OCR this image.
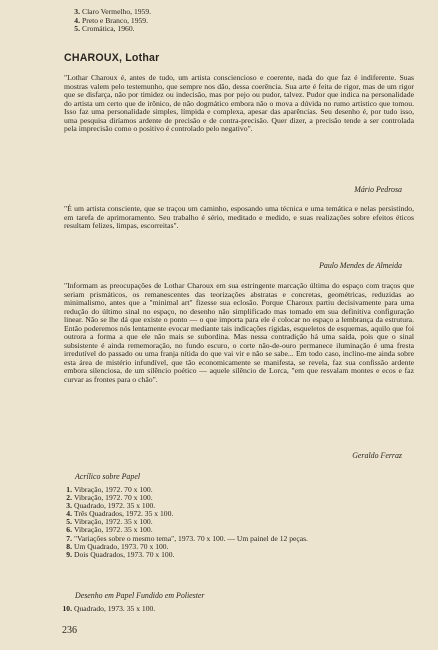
3. Claro Vermelho, 1959.
4. Preto e Branco, 1959.
5. Cromática, 1960.
CHAROUX, Lothar

"Lothar Charoux é, antes de tudo, um artista consciencioso e coerente, nada do que faz é indiferente. Suas mostras valem pelo testemunho, que sempre nos dão, dessa coerência. Sua arte é feita de rigor, mas de um rigor que se disfarça, não por timidez ou indecisão, mas por pejo ou pudor, talvez. Pudor que indica na personalidade do artista um certo que de irônico, de não dogmático embora não o mova a dúvida no rumo artístico que tomou. Isso faz uma personalidade simples, límpida e complexa, apesar das aparências. Seu desenho é, por tudo isso, uma pesquisa diríamos ardente de precisão e de contra-precisão. Quer dizer, a precisão tende a ser controlada pela imprecisão como o positivo é controlado pelo negativo".

Mário Pedrosa

"É um artista consciente, que se traçou um caminho, esposando uma técnica e uma temática e nelas persistindo, em tarefa de aprimoramento. Seu trabalho é sério, meditado e medido, e suas realizações sobre efeitos éticos resultam felizes, limpas, escorreitas".

Paulo Mendes de Almeida

"Informam as preocupações de Lothar Charoux em sua estringente marcação última do espaço com traços que seriam prismáticos, os remanescentes das teorizações abstratas e concretas, geométricas, reduzidas ao minimalismo, antes que a "minimal art" fizesse sua eclosão. Porque Charoux partiu decisivamente para uma redução do último sinal no espaço, no desenho não simplificado mas tomado em sua definitiva configuração linear. Não se lhe dá que existe o ponto — o que importa para ele é colocar no espaço a lembrança da estrutura. Então poderemos nós lentamente evocar mediante tais indicações rígidas, esqueletos de esquemas, aquilo que foi outrora a forma a que ele não mais se subordina. Mas nessa contradição há uma saída, pois que o sinal subsistente é ainda rememoração, no fundo escuro, o corte não-de-ouro permanece iluminação é uma fresta irredutível do passado ou uma franja nítida do que vai vir e não se sabe... Em todo caso, inclino-me ainda sobre esta área de mistério infundível, que tão economicamente se manifesta, se revela, faz sua confissão ardente embora silenciosa, de um silêncio poético — aquele silêncio de Lorca, "em que resvalam montes e ecos e faz curvar as frontes para o chão".

Geraldo Ferraz
Acrílico sobre Papel
1. Vibração, 1972. 70 x 100.
2. Vibração, 1972. 70 x 100.
3. Quadrado, 1972. 35 x 100.
4. Três Quadrados, 1972. 35 x 100.
5. Vibração, 1972. 35 x 100.
6. Vibração, 1972. 35 x 100.
7. "Variações sobre o mesmo tema", 1973. 70 x 100. — Um painel de 12 peças.
8. Um Quadrado, 1973. 70 x 100.
9. Dois Quadrados, 1973. 70 x 100.
Desenho em Papel Fundido em Poliester
10. Quadrado, 1973. 35 x 100.
236
